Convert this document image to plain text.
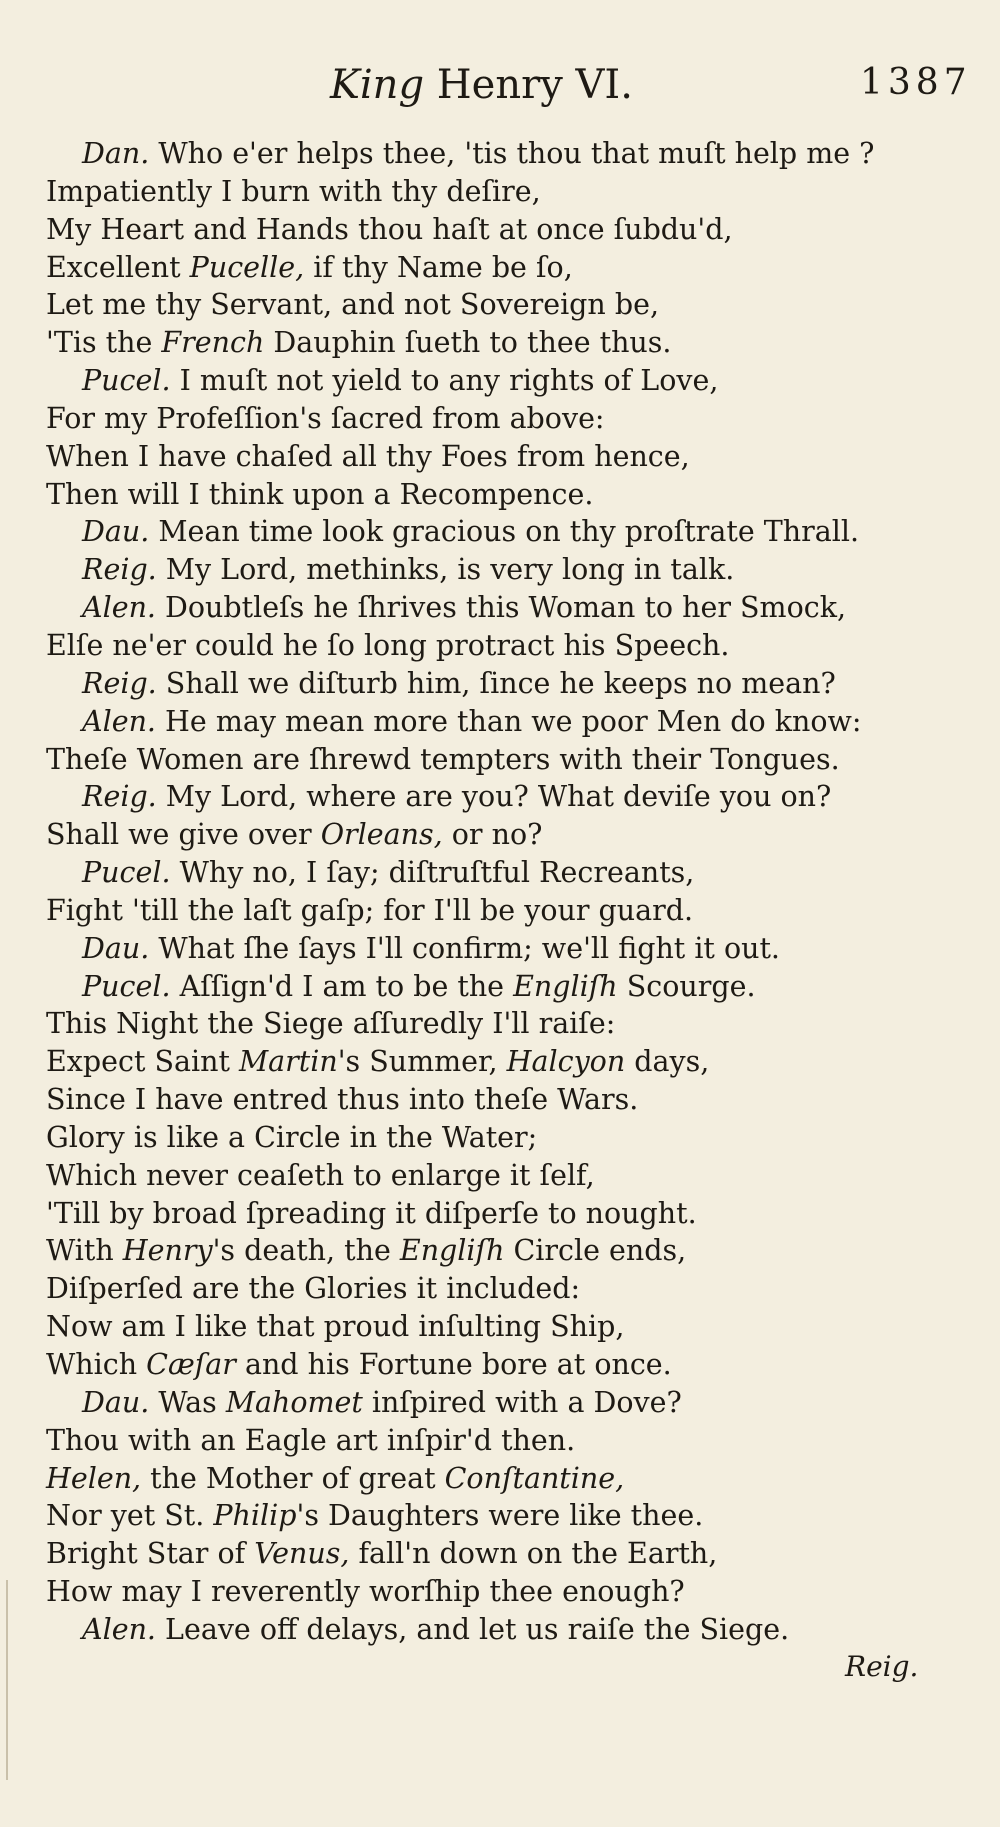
King Henry VI.	1387
Dan. Who e'er helps thee, 'tis thou that muſt help me ?
Impatiently I burn with thy deſire,
My Heart and Hands thou haſt at once ſubdu'd,
Excellent Pucelle, if thy Name be ſo,
Let me thy Servant, and not Sovereign be,
'Tis the French Dauphin ſueth to thee thus.
Pucel. I muſt not yield to any rights of Love,
For my Profeſſion's ſacred from above:
When I have chaſed all thy Foes from hence,
Then will I think upon a Recompence.
Dau. Mean time look gracious on thy proſtrate Thrall.
Reig. My Lord, methinks, is very long in talk.
Alen. Doubtleſs he ſhrives this Woman to her Smock,
Elſe ne'er could he ſo long protract his Speech.
Reig. Shall we diſturb him, ſince he keeps no mean?
Alen. He may mean more than we poor Men do know:
Theſe Women are ſhrewd tempters with their Tongues.
Reig. My Lord, where are you? What deviſe you on?
Shall we give over Orleans, or no?
Pucel. Why no, I ſay; diſtruſtful Recreants,
Fight 'till the laſt gaſp; for I'll be your guard.
Dau. What ſhe ſays I'll confirm; we'll fight it out.
Pucel. Aſſign'd I am to be the Engliſh Scourge.
This Night the Siege aſſuredly I'll raiſe:
Expect Saint Martin's Summer, Halcyon days,
Since I have entred thus into theſe Wars.
Glory is like a Circle in the Water;
Which never ceaſeth to enlarge it ſelf,
'Till by broad ſpreading it diſperſe to nought.
With Henry's death, the Engliſh Circle ends,
Diſperſed are the Glories it included:
Now am I like that proud inſulting Ship,
Which Cæſar and his Fortune bore at once.
Dau. Was Mahomet inſpired with a Dove?
Thou with an Eagle art inſpir'd then.
Helen, the Mother of great Conſtantine,
Nor yet St. Philip's Daughters were like thee.
Bright Star of Venus, fall'n down on the Earth,
How may I reverently worſhip thee enough?
Alen. Leave off delays, and let us raiſe the Siege.
Reig.
